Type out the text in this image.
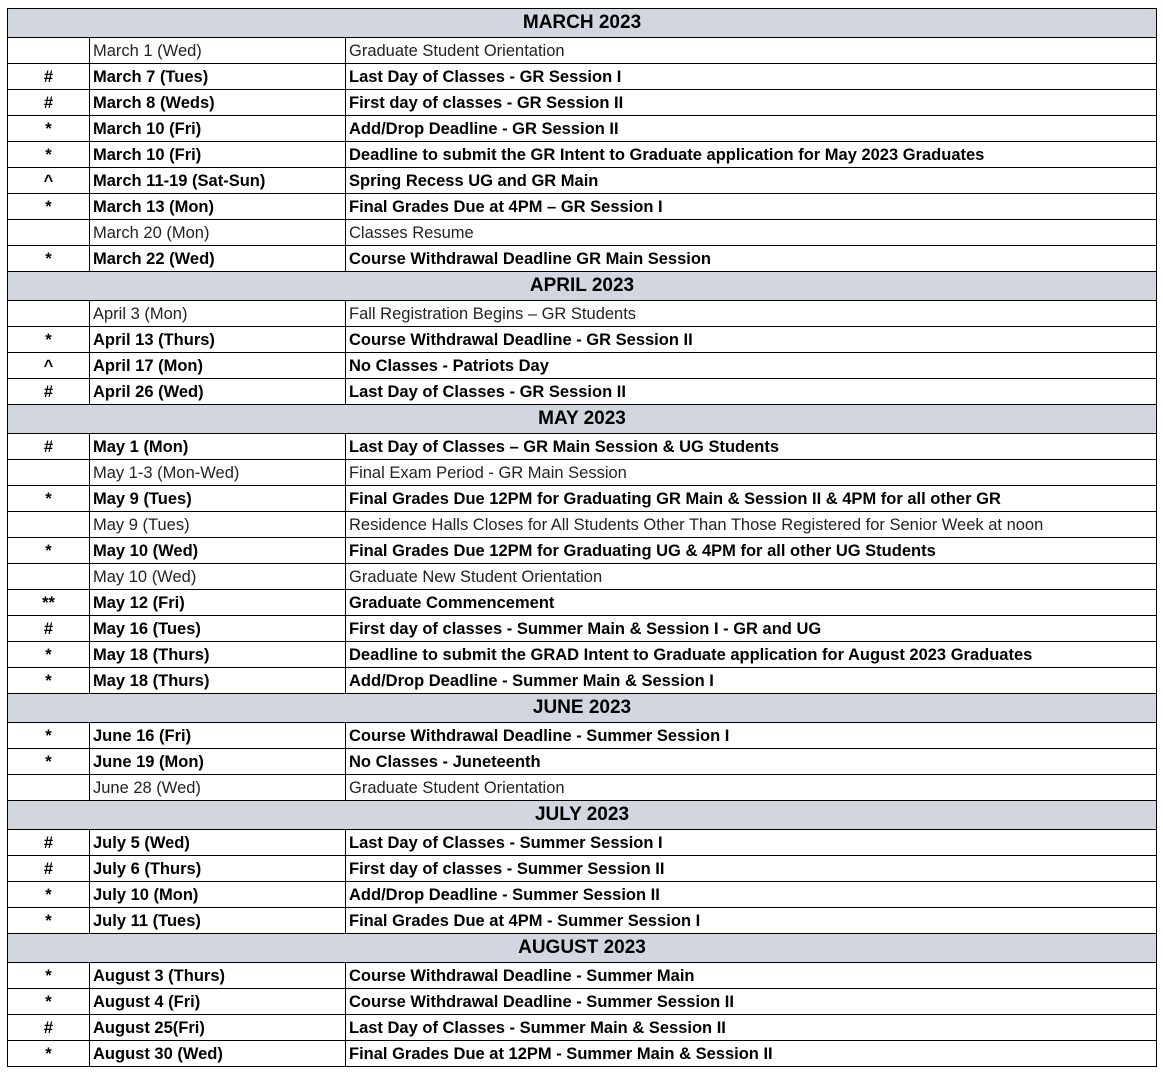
MARCH 2023		
	March 1 (Wed)	Graduate Student Orientation
#	March 7 (Tues)	Last Day of Classes - GR Session I
#	March 8 (Weds)	First day of classes - GR Session II
*	March 10 (Fri)	Add/Drop Deadline - GR Session II
*	March 10 (Fri)	Deadline to submit the GR Intent to Graduate application for May 2023 Graduates
^	March 11-19 (Sat-Sun)	Spring Recess UG and GR Main
*	March 13 (Mon)	Final Grades Due at 4PM – GR Session I
	March 20 (Mon)	Classes Resume
*	March 22 (Wed)	Course Withdrawal Deadline GR Main Session
APRIL 2023		
	April 3 (Mon)	Fall Registration Begins – GR Students
*	April 13 (Thurs)	Course Withdrawal Deadline - GR Session II
^	April 17 (Mon)	No Classes - Patriots Day
#	April 26 (Wed)	Last Day of Classes - GR Session II
MAY 2023		
#	May 1 (Mon)	Last Day of Classes – GR Main Session & UG Students
	May 1-3 (Mon-Wed)	Final Exam Period - GR Main Session
*	May 9 (Tues)	Final Grades Due 12PM for Graduating GR Main & Session II & 4PM for all other GR
	May 9 (Tues)	Residence Halls Closes for All Students Other Than Those Registered for Senior Week at noon
*	May 10 (Wed)	Final Grades Due 12PM for Graduating UG & 4PM for all other UG Students
	May 10 (Wed)	Graduate New Student Orientation
**	May 12 (Fri)	Graduate Commencement
#	May 16 (Tues)	First day of classes - Summer Main & Session I - GR and UG
*	May 18 (Thurs)	Deadline to submit the GRAD Intent to Graduate application for August 2023 Graduates
*	May 18 (Thurs)	Add/Drop Deadline - Summer Main & Session I
JUNE 2023		
*	June 16 (Fri)	Course Withdrawal Deadline - Summer Session I
*	June 19 (Mon)	No Classes - Juneteenth
	June 28 (Wed)	Graduate Student Orientation
JULY 2023		
#	July 5 (Wed)	Last Day of Classes - Summer Session I
#	July 6 (Thurs)	First day of classes - Summer Session II
*	July 10 (Mon)	Add/Drop Deadline - Summer Session II
*	July 11 (Tues)	Final Grades Due at 4PM - Summer Session I
AUGUST 2023		
*	August 3 (Thurs)	Course Withdrawal Deadline - Summer Main
*	August 4 (Fri)	Course Withdrawal Deadline - Summer Session II
#	August 25(Fri)	Last Day of Classes - Summer Main & Session II
*	August 30 (Wed)	Final Grades Due at 12PM - Summer Main & Session II
